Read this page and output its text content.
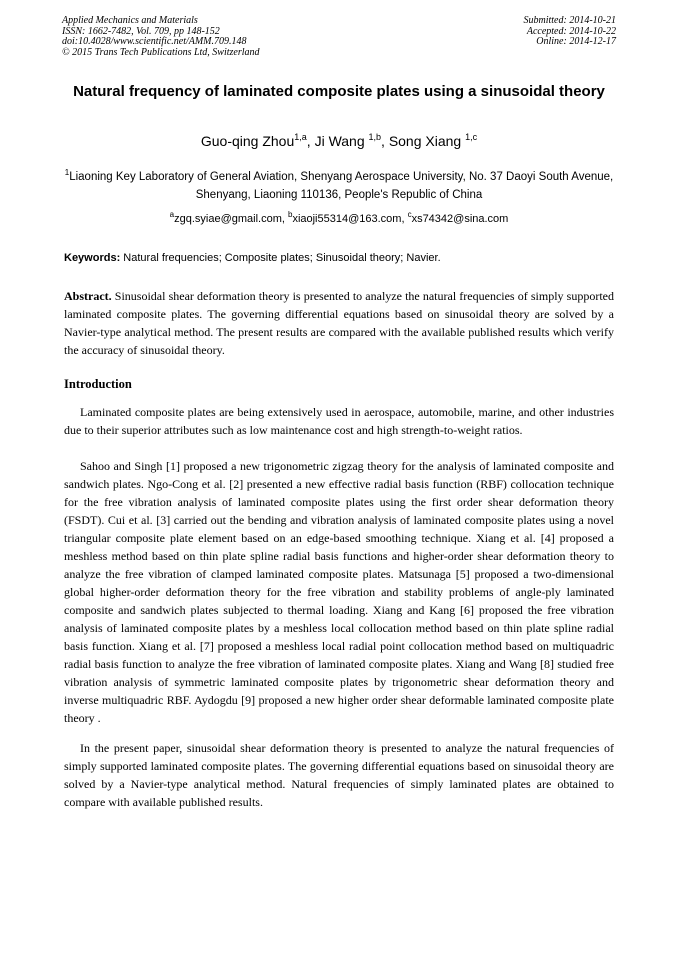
Applied Mechanics and Materials
ISSN: 1662-7482, Vol. 709, pp 148-152
doi:10.4028/www.scientific.net/AMM.709.148
© 2015 Trans Tech Publications Ltd, Switzerland
Submitted: 2014-10-21
Accepted: 2014-10-22
Online: 2014-12-17
Natural frequency of laminated composite plates using a sinusoidal theory
Guo-qing Zhou$^{1,a}$, Ji Wang $^{1,b}$, Song Xiang $^{1,c}$
$^1$Liaoning Key Laboratory of General Aviation, Shenyang Aerospace University, No. 37 Daoyi South Avenue, Shenyang, Liaoning 110136, People's Republic of China
$^a$zgq.syiae@gmail.com, $^b$xiaoji55314@163.com, $^c$xs74342@sina.com
Keywords: Natural frequencies; Composite plates; Sinusoidal theory; Navier.
Abstract. Sinusoidal shear deformation theory is presented to analyze the natural frequencies of simply supported laminated composite plates. The governing differential equations based on sinusoidal theory are solved by a Navier-type analytical method. The present results are compared with the available published results which verify the accuracy of sinusoidal theory.
Introduction
Laminated composite plates are being extensively used in aerospace, automobile, marine, and other industries due to their superior attributes such as low maintenance cost and high strength-to-weight ratios.
Sahoo and Singh [1] proposed a new trigonometric zigzag theory for the analysis of laminated composite and sandwich plates. Ngo-Cong et al. [2] presented a new effective radial basis function (RBF) collocation technique for the free vibration analysis of laminated composite plates using the first order shear deformation theory (FSDT). Cui et al. [3] carried out the bending and vibration analysis of laminated composite plates using a novel triangular composite plate element based on an edge-based smoothing technique. Xiang et al. [4] proposed a meshless method based on thin plate spline radial basis functions and higher-order shear deformation theory to analyze the free vibration of clamped laminated composite plates. Matsunaga [5] proposed a two-dimensional global higher-order deformation theory for the free vibration and stability problems of angle-ply laminated composite and sandwich plates subjected to thermal loading. Xiang and Kang [6] proposed the free vibration analysis of laminated composite plates by a meshless local collocation method based on thin plate spline radial basis function. Xiang et al. [7] proposed a meshless local radial point collocation method based on multiquadric radial basis function to analyze the free vibration of laminated composite plates. Xiang and Wang [8] studied free vibration analysis of symmetric laminated composite plates by trigonometric shear deformation theory and inverse multiquadric RBF. Aydogdu [9] proposed a new higher order shear deformable laminated composite plate theory .
In the present paper, sinusoidal shear deformation theory is presented to analyze the natural frequencies of simply supported laminated composite plates. The governing differential equations based on sinusoidal theory are solved by a Navier-type analytical method. Natural frequencies of simply laminated plates are obtained to compare with available published results.
